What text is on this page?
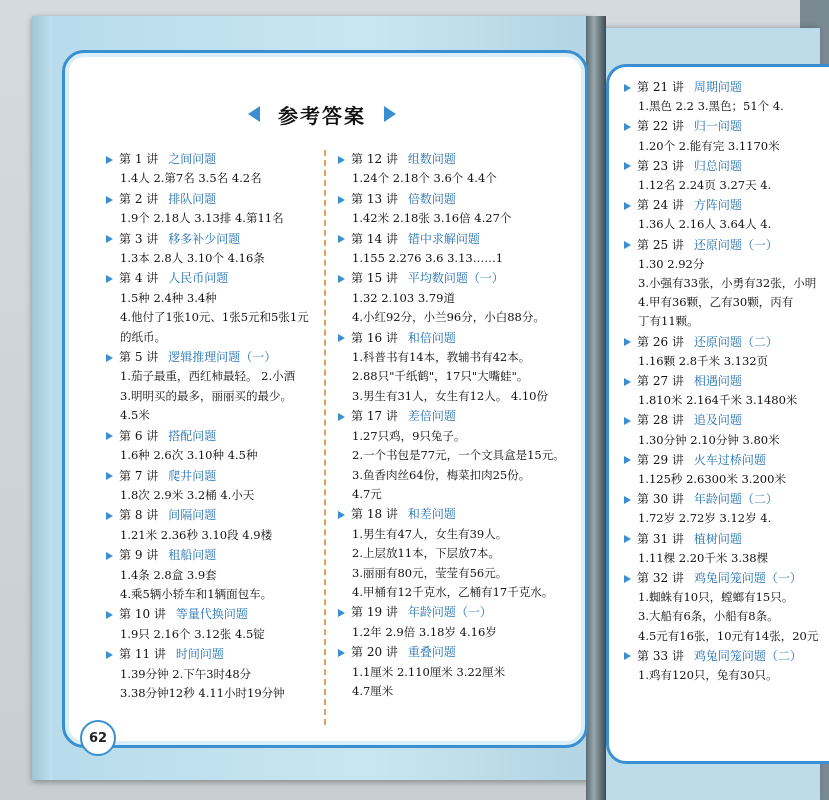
参考答案
第 1 讲 之间问题
1.4人 2.第7名 3.5名 4.2名
第 2 讲 排队问题
1.9个 2.18人 3.13排 4.第11名
第 3 讲 移多补少问题
1.3本 2.8人 3.10个 4.16条
第 4 讲 人民币问题
1.5种 2.4种 3.4种
4.他付了1张10元、1张5元和5张1元
的纸币。
第 5 讲 逻辑推理问题（一）
1.茄子最重，西红柿最轻。 2.小酒
3.明明买的最多，丽丽买的最少。
4.5米
第 6 讲 搭配问题
1.6种 2.6次 3.10种 4.5种
第 7 讲 爬井问题
1.8次 2.9米 3.2桶 4.小天
第 8 讲 间隔问题
1.21米 2.36秒 3.10段 4.9楼
第 9 讲 租船问题
1.4条 2.8盒 3.9套
4.乘5辆小轿车和1辆面包车。
第 10 讲 等量代换问题
1.9只 2.16个 3.12张 4.5锭
第 11 讲 时间问题
1.39分钟 2.下午3时48分
3.38分钟12秒 4.11小时19分钟
第 12 讲 组数问题
1.24个 2.18个 3.6个 4.4个
第 13 讲 倍数问题
1.42米 2.18张 3.16倍 4.27个
第 14 讲 错中求解问题
1.155 2.276 3.6 3.13……1
第 15 讲 平均数问题（一）
1.32 2.103 3.79道
4.小红92分，小兰96分，小白88分。
第 16 讲 和倍问题
1.科普书有14本，教辅书有42本。
2.88只"千纸鹤"，17只"大嘴蛙"。
3.男生有31人，女生有12人。 4.10份
第 17 讲 差倍问题
1.27只鸡，9只兔子。
2.一个书包是77元，一个文具盒是15元。
3.鱼香肉丝64份，梅菜扣肉25份。
4.7元
第 18 讲 和差问题
1.男生有47人，女生有39人。
2.上层放11本，下层放7本。
3.丽丽有80元，莹莹有56元。
4.甲桶有12千克水，乙桶有17千克水。
第 19 讲 年龄问题（一）
1.2年 2.9倍 3.18岁 4.16岁
第 20 讲 重叠问题
1.1厘米 2.110厘米 3.22厘米
4.7厘米
第 21 讲 周期问题
1.黑色 2.2 3.黑色；51个 4.
第 22 讲 归一问题
1.20个 2.能有完 3.1170米
第 23 讲 归总问题
1.12名 2.24页 3.27天 4.
第 24 讲 方阵问题
1.36人 2.16人 3.64人 4.
第 25 讲 还原问题（一）
1.30 2.92分
3.小强有33张，小勇有32张，小明
4.甲有36颗，乙有30颗，丙有
丁有11颗。
第 26 讲 还原问题（二）
1.16颗 2.8千米 3.132页
第 27 讲 相遇问题
1.810米 2.164千米 3.1480米
第 28 讲 追及问题
1.30分钟 2.10分钟 3.80米
第 29 讲 火车过桥问题
1.125秒 2.6300米 3.200米
第 30 讲 年龄问题（二）
1.72岁 2.72岁 3.12岁 4.
第 31 讲 植树问题
1.11棵 2.20千米 3.38棵
第 32 讲 鸡兔同笼问题（一）
1.蜘蛛有10只，螳螂有15只。
3.大船有6条，小船有8条。
4.5元有16张，10元有14张，20元
第 33 讲 鸡兔同笼问题（二）
1.鸡有120只，兔有30只。
62
